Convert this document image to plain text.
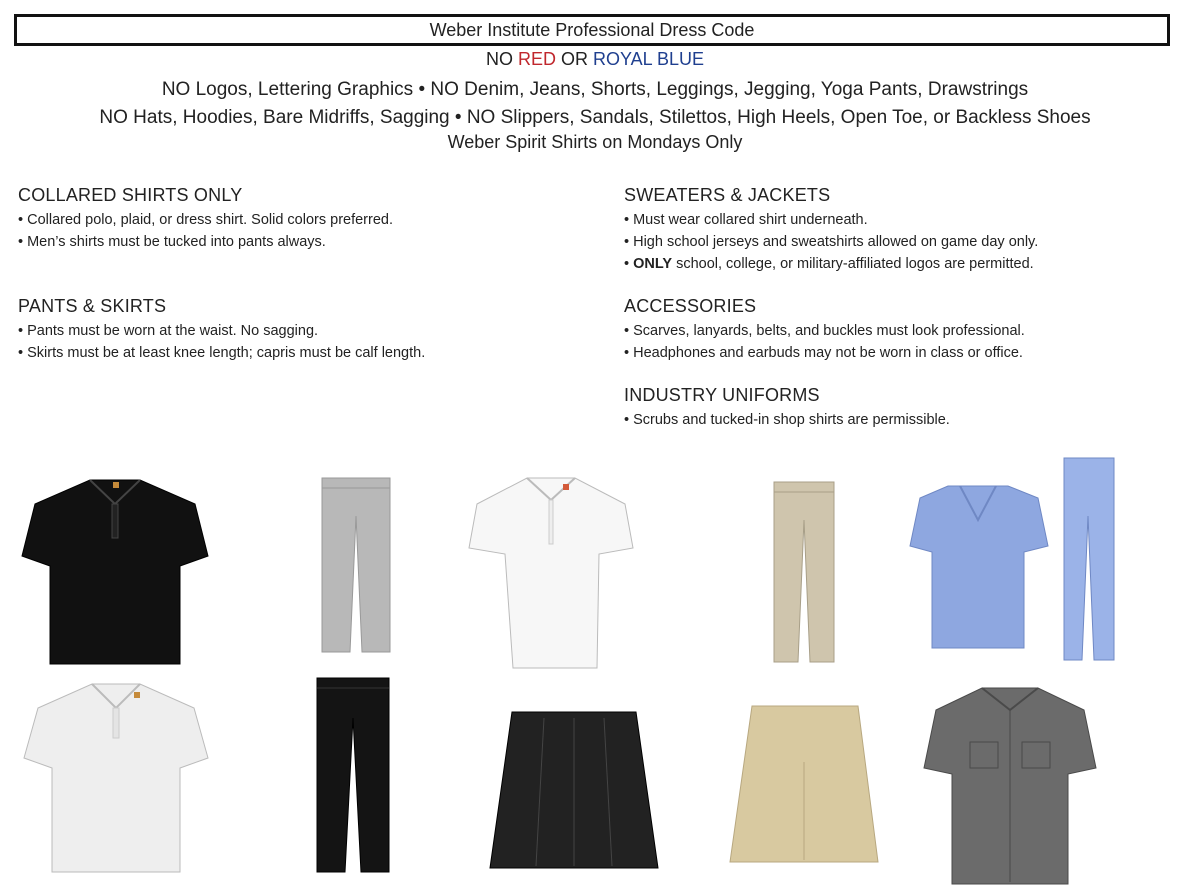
Weber Institute Professional Dress Code
NO RED OR ROYAL BLUE
NO Logos, Lettering Graphics • NO Denim, Jeans, Shorts, Leggings, Jegging, Yoga Pants, Drawstrings
NO Hats, Hoodies, Bare Midriffs, Sagging • NO Slippers, Sandals, Stilettos, High Heels, Open Toe, or Backless Shoes
Weber Spirit Shirts on Mondays Only
COLLARED SHIRTS ONLY
• Collared polo, plaid, or dress shirt. Solid colors preferred.
• Men’s shirts must be tucked into pants always.
PANTS & SKIRTS
• Pants must be worn at the waist. No sagging.
• Skirts must be at least knee length; capris must be calf length.
SWEATERS & JACKETS
• Must wear collared shirt underneath.
• High school jerseys and sweatshirts allowed on game day only.
• ONLY school, college, or military-affiliated logos are permitted.
ACCESSORIES
• Scarves, lanyards, belts, and buckles must look professional.
• Headphones and earbuds may not be worn in class or office.
INDUSTRY UNIFORMS
• Scrubs and tucked-in shop shirts are permissible.
